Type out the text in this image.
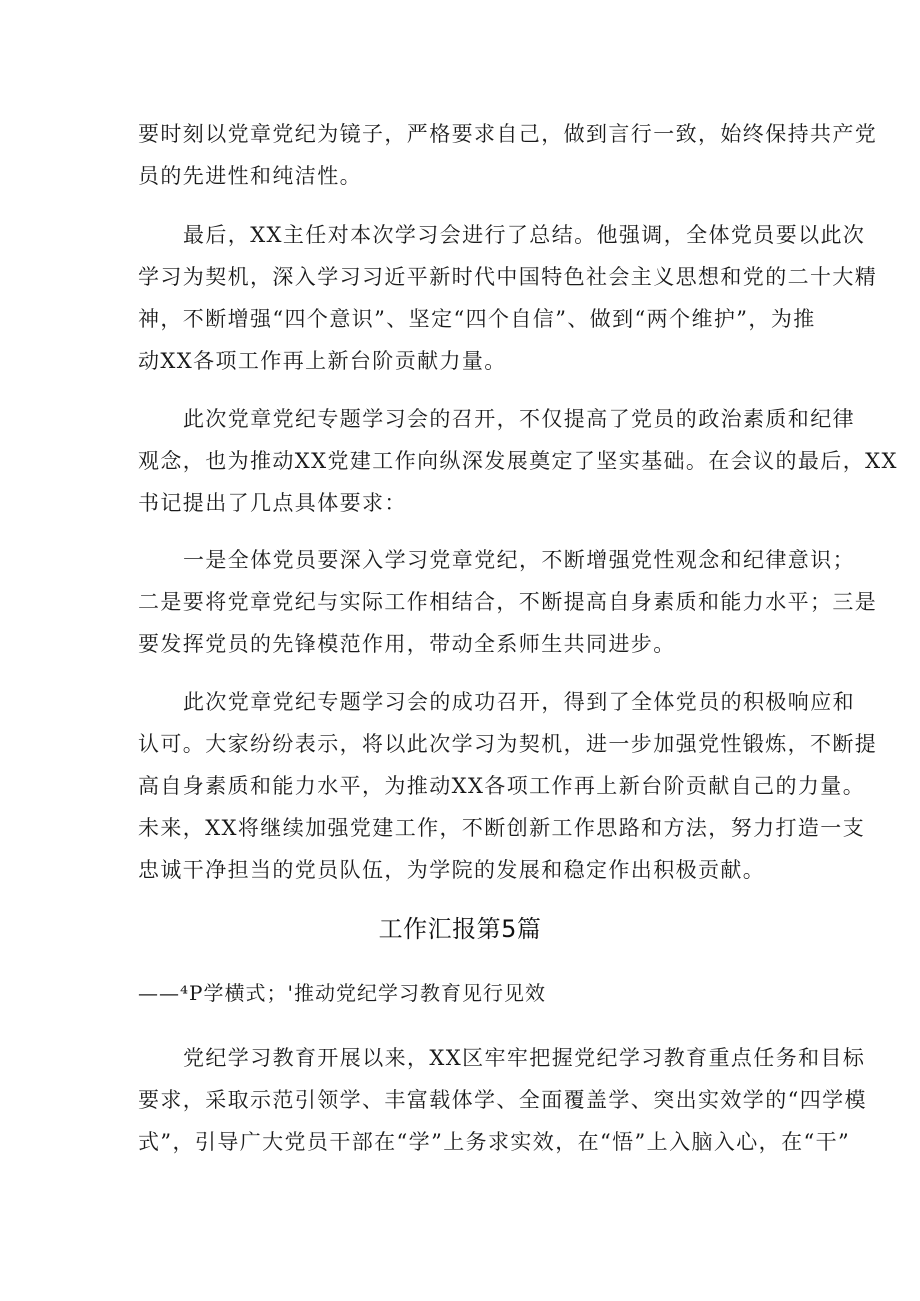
要时刻以党章党纪为镜子，严格要求自己，做到言行一致，始终保持共产党
员的先进性和纯洁性。
最后，XX主任对本次学习会进行了总结。他强调，全体党员要以此次
学习为契机，深入学习习近平新时代中国特色社会主义思想和党的二十大精
神，不断增强“四个意识”、坚定“四个自信”、做到“两个维护”，为推
动XX各项工作再上新台阶贡献力量。
此次党章党纪专题学习会的召开，不仅提高了党员的政治素质和纪律
观念，也为推动XX党建工作向纵深发展奠定了坚实基础。在会议的最后，XX
书记提出了几点具体要求：
一是全体党员要深入学习党章党纪，不断增强党性观念和纪律意识；
二是要将党章党纪与实际工作相结合，不断提高自身素质和能力水平；三是
要发挥党员的先锋模范作用，带动全系师生共同进步。
此次党章党纪专题学习会的成功召开，得到了全体党员的积极响应和
认可。大家纷纷表示，将以此次学习为契机，进一步加强党性锻炼，不断提
高自身素质和能力水平，为推动XX各项工作再上新台阶贡献自己的力量。
未来，XX将继续加强党建工作，不断创新工作思路和方法，努力打造一支
忠诚干净担当的党员队伍，为学院的发展和稳定作出积极贡献。
工作汇报第5篇
——⁴P学横式；'推动党纪学习教育见行见效
党纪学习教育开展以来，XX区牢牢把握党纪学习教育重点任务和目标
要求，采取示范引领学、丰富载体学、全面覆盖学、突出实效学的“四学模
式”，引导广大党员干部在“学”上务求实效，在“悟”上入脑入心，在“干”
